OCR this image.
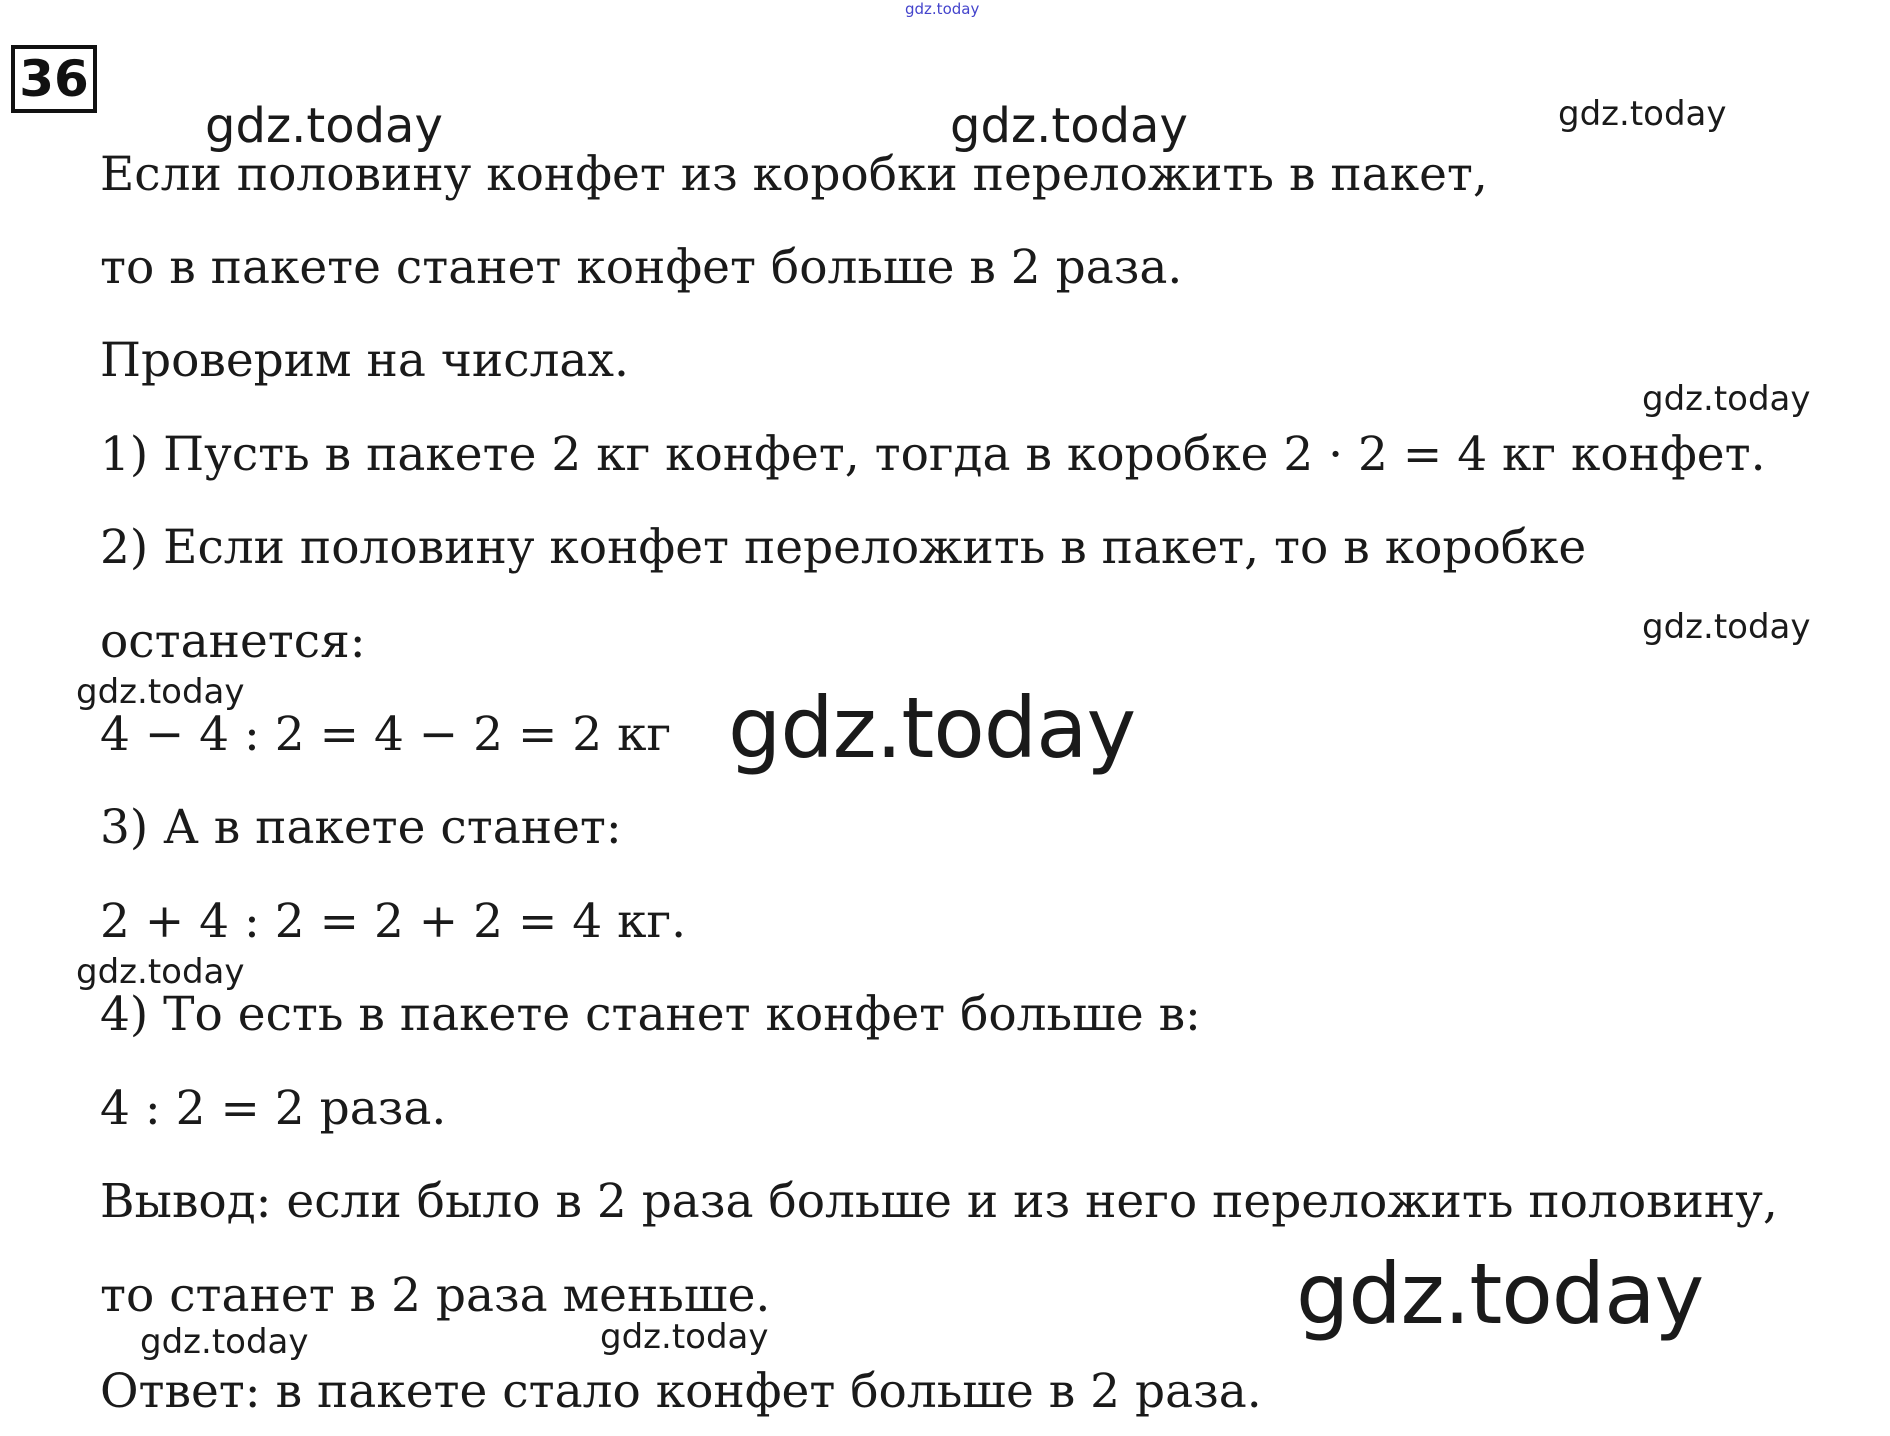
36
Если половину конфет из коробки переложить в пакет,
то в пакете станет конфет больше в 2 раза.
Проверим на числах.
1) Пусть в пакете 2 кг конфет, тогда в коробке 2 · 2 = 4 кг конфет.
2) Если половину конфет переложить в пакет, то в коробке
останется:
4 − 4 : 2 = 4 − 2 = 2 кг
3) А в пакете станет:
2 + 4 : 2 = 2 + 2 = 4 кг.
4) То есть в пакете станет конфет больше в:
4 : 2 = 2 раза.
Вывод: если было в 2 раза больше и из него переложить половину,
то станет в 2 раза меньше.
Ответ: в пакете стало конфет больше в 2 раза.
gdz.today
gdz.today	gdz.today	gdz.today
gdz.today
gdz.today
gdz.today	gdz.today
gdz.today
gdz.today
gdz.today	gdz.today
